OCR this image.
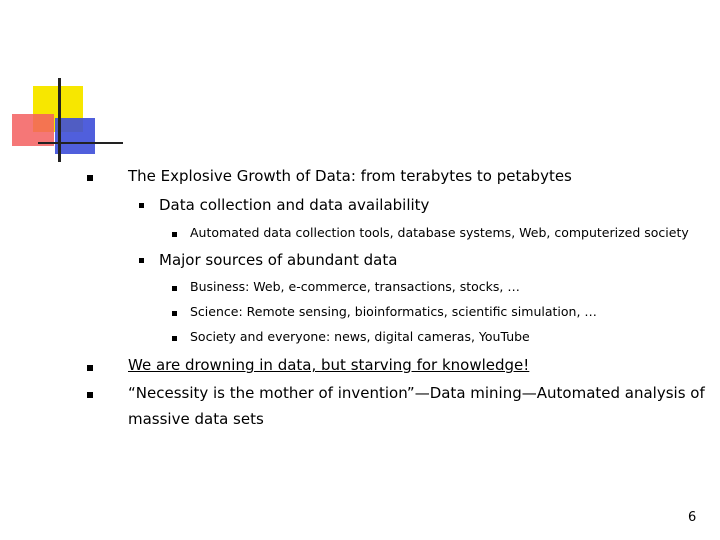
The Explosive Growth of Data: from terabytes to petabytes
Data collection and data availability
Automated data collection tools, database systems, Web, computerized society
Major sources of abundant data
Business: Web, e-commerce, transactions, stocks, …
Science: Remote sensing, bioinformatics, scientific simulation, …
Society and everyone: news, digital cameras, YouTube
We are drowning in data, but starving for knowledge!
“Necessity is the mother of invention”—Data mining—Automated analysis of
massive data sets
6
